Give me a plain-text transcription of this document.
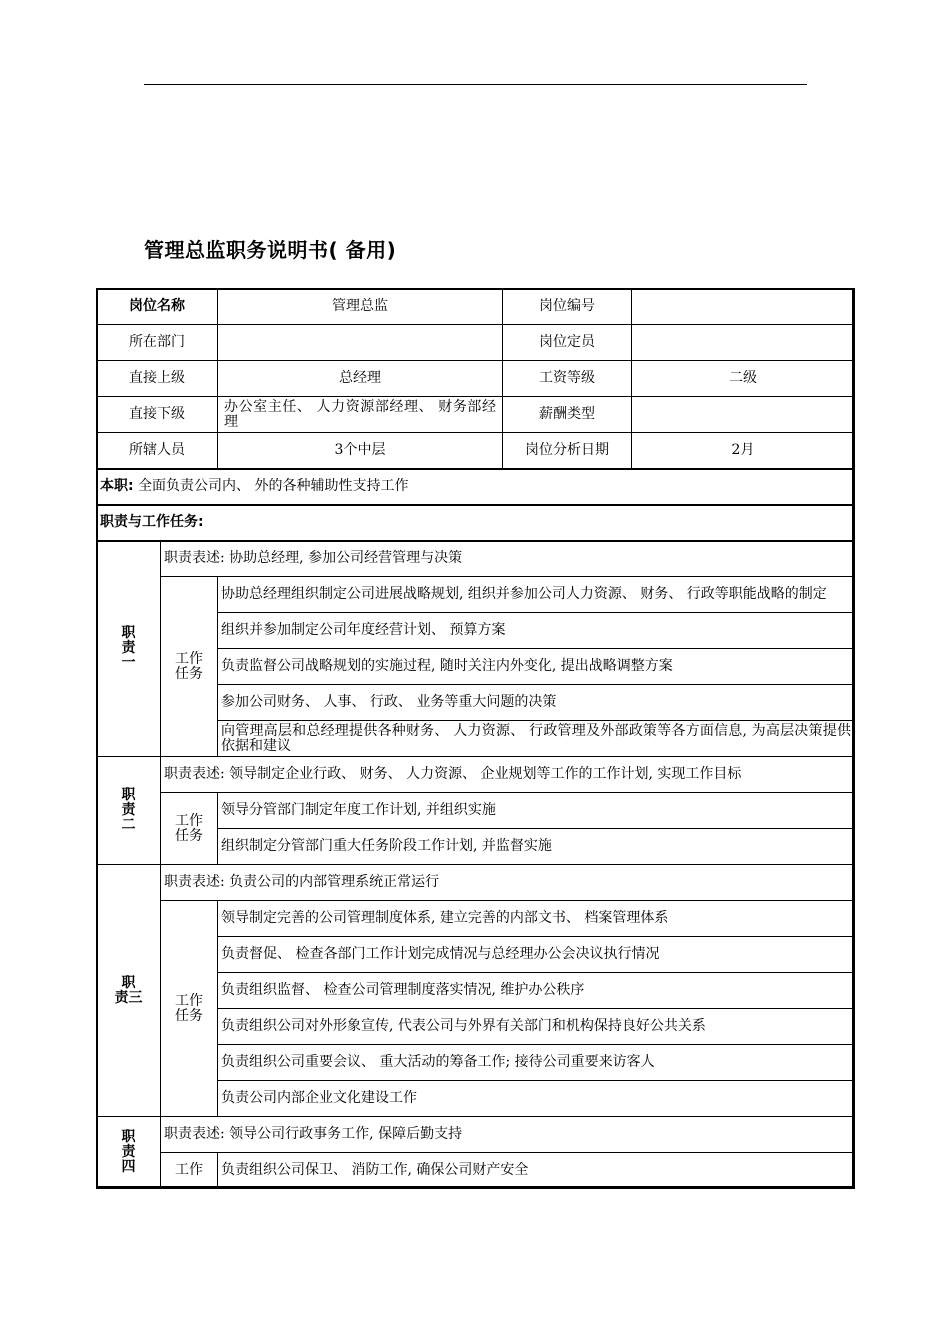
管理总监职务说明书( 备用)
岗位名称		管理总监	岗位编号	
所在部门			岗位定员	
直接上级		总经理	工资等级	二级
直接下级		办公室主任、 人力资源部经理、 财务部经理	薪酬类型	
所辖人员		3个中层	岗位分析日期	2月
本职: 全面负责公司内、 外的各种辅助性支持工作				
职责与工作任务:				

职
责
一	职责表述: 协助总经理, 参加公司经营管理与决策			

	工作
任务	协助总经理组织制定公司进展战略规划, 组织并参加公司人力资源、 财务、 行政等职能战略的制定		
		组织并参加制定公司年度经营计划、 预算方案		
		负责监督公司战略规划的实施过程, 随时关注内外变化, 提出战略调整方案		
		参加公司财务、 人事、 行政、 业务等重大问题的决策		
		向管理高层和总经理提供各种财务、 人力资源、 行政管理及外部政策等各方面信息, 为高层决策提供依据和建议		

职
责
二	职责表述: 领导制定企业行政、 财务、 人力资源、 企业规划等工作的工作计划, 实现工作目标			

	工作
任务	领导分管部门制定年度工作计划, 并组织实施		
		组织制定分管部门重大任务阶段工作计划, 并监督实施		

职
责三	职责表述: 负责公司的内部管理系统正常运行			

	工作
任务	领导制定完善的公司管理制度体系, 建立完善的内部文书、 档案管理体系		
		负责督促、 检查各部门工作计划完成情况与总经理办公会决议执行情况		
		负责组织监督、 检查公司管理制度落实情况, 维护办公秩序		
		负责组织公司对外形象宣传, 代表公司与外界有关部门和机构保持良好公共关系		
		负责组织公司重要会议、 重大活动的筹备工作; 接待公司重要来访客人		
		负责公司内部企业文化建设工作		

职
责
四	职责表述: 领导公司行政事务工作, 保障后勤支持			
	工作	负责组织公司保卫、 消防工作, 确保公司财产安全		
